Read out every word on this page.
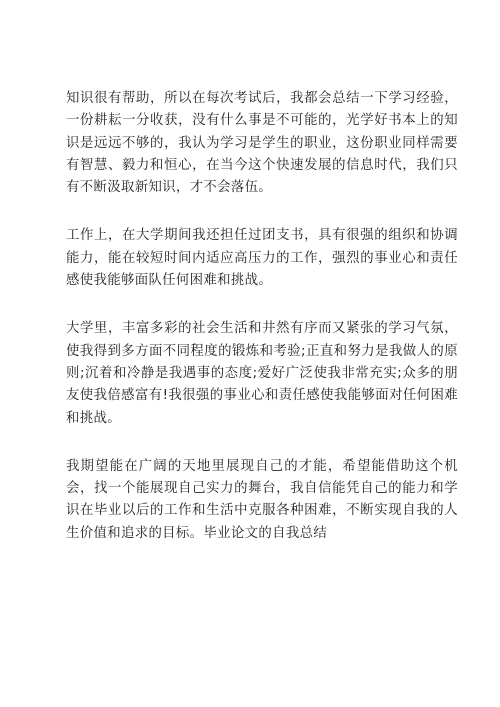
知识很有帮助，所以在每次考试后，我都会总结一下学习经验，一份耕耘一分收获，没有什么事是不可能的，光学好书本上的知识是远远不够的，我认为学习是学生的职业，这份职业同样需要有智慧、毅力和恒心，在当今这个快速发展的信息时代，我们只有不断汲取新知识，才不会落伍。

工作上，在大学期间我还担任过团支书，具有很强的组织和协调能力，能在较短时间内适应高压力的工作，强烈的事业心和责任感使我能够面队任何困难和挑战。

大学里，丰富多彩的社会生活和井然有序而又紧张的学习气氛，使我得到多方面不同程度的锻炼和考验;正直和努力是我做人的原则;沉着和冷静是我遇事的态度;爱好广泛使我非常充实;众多的朋友使我倍感富有!我很强的事业心和责任感使我能够面对任何困难和挑战。

我期望能在广阔的天地里展现自己的才能，希望能借助这个机会，找一个能展现自己实力的舞台，我自信能凭自己的能力和学识在毕业以后的工作和生活中克服各种困难，不断实现自我的人生价值和追求的目标。毕业论文的自我总结
